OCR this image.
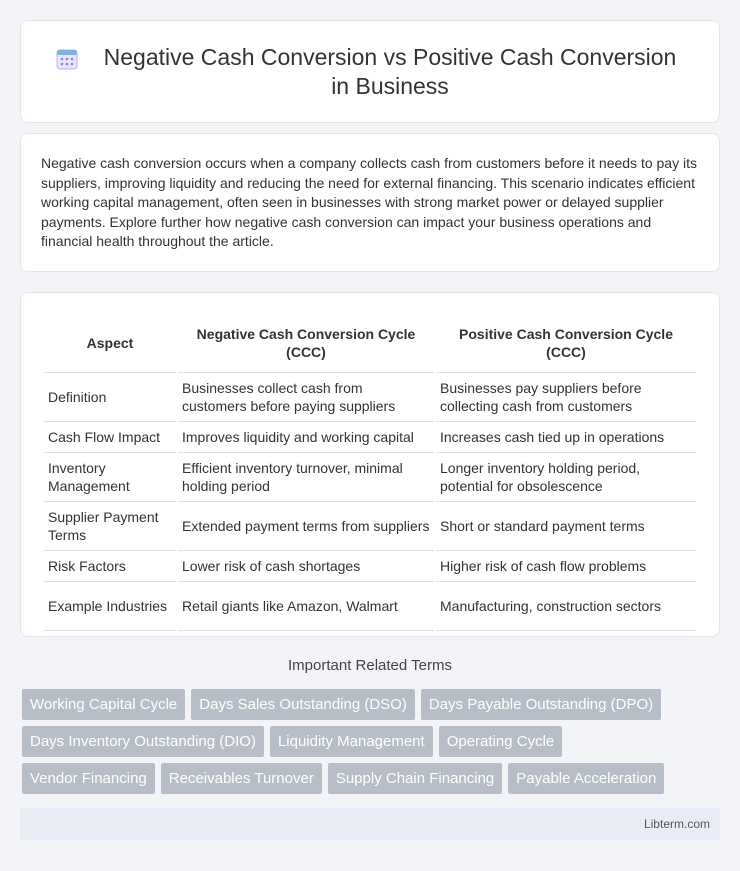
Negative Cash Conversion vs Positive Cash Conversion in Business

Negative cash conversion occurs when a company collects cash from customers before it needs to pay its suppliers, improving liquidity and reducing the need for external financing. This scenario indicates efficient working capital management, often seen in businesses with strong market power or delayed supplier payments. Explore further how negative cash conversion can impact your business operations and financial health throughout the article.

Aspect	Negative Cash Conversion Cycle (CCC)	Positive Cash Conversion Cycle (CCC)
Definition	Businesses collect cash from customers before paying suppliers	Businesses pay suppliers before collecting cash from customers
Cash Flow Impact	Improves liquidity and working capital	Increases cash tied up in operations
Inventory Management	Efficient inventory turnover, minimal holding period	Longer inventory holding period, potential for obsolescence
Supplier Payment Terms	Extended payment terms from suppliers	Short or standard payment terms
Risk Factors	Lower risk of cash shortages	Higher risk of cash flow problems
Example Industries	Retail giants like Amazon, Walmart	Manufacturing, construction sectors
Important Related Terms
Working Capital Cycle	Days Sales Outstanding (DSO)	Days Payable Outstanding (DPO)
Days Inventory Outstanding (DIO)	Liquidity Management	Operating Cycle
Vendor Financing	Receivables Turnover	Supply Chain Financing	Payable Acceleration
Libterm.com
